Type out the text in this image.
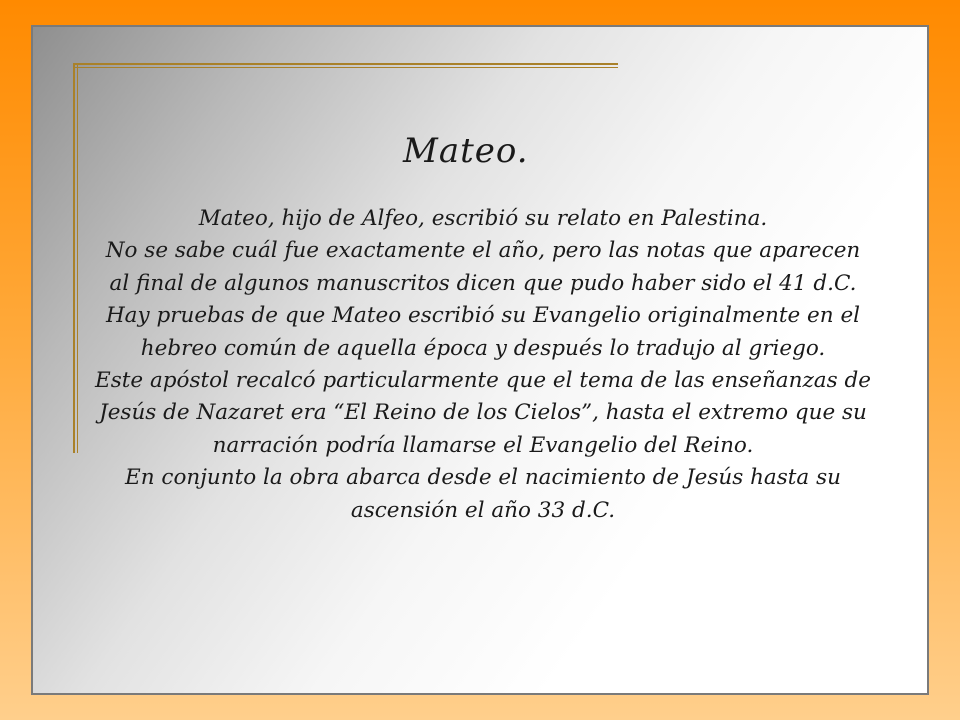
Mateo.

Mateo, hijo de Alfeo, escribió su relato en Palestina.

No se sabe cuál fue exactamente el año, pero las notas que aparecen al final de algunos manuscritos dicen que pudo haber sido el 41 d.C.

Hay pruebas de que Mateo escribió su Evangelio originalmente en el hebreo común de aquella época y después lo tradujo al griego.

Este apóstol recalcó particularmente que el tema de las enseñanzas de Jesús de Nazaret era “El Reino de los Cielos”, hasta el extremo que su narración podría llamarse el Evangelio del Reino.

En conjunto la obra abarca desde el nacimiento de Jesús hasta su ascensión el año 33 d.C.
